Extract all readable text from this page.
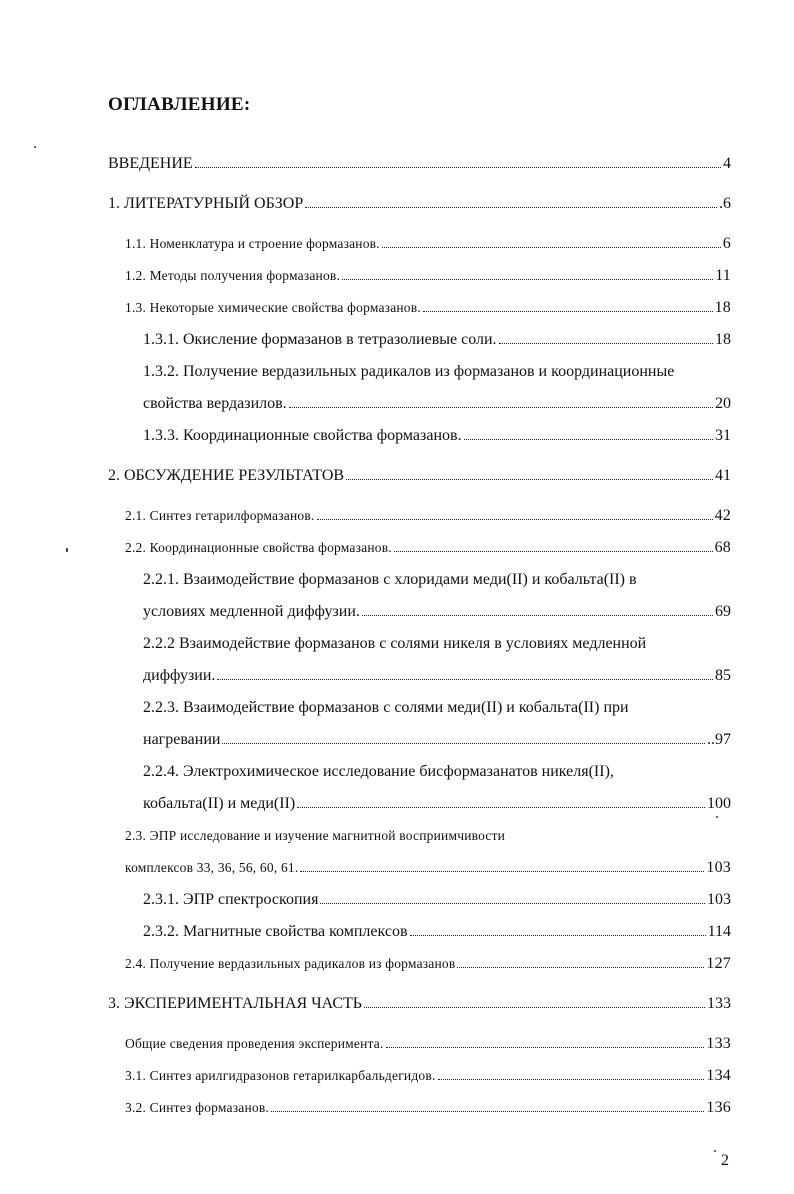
ОГЛАВЛЕНИЕ:
ВВЕДЕНИЕ	4
1. ЛИТЕРАТУРНЫЙ ОБЗОР	.6
1.1. Номенклатура и строение формазанов.	6
1.2. Методы получения формазанов.	11
1.3. Некоторые химические свойства формазанов.	18
1.3.1. Окисление формазанов в тетразолиевые соли.	18
1.3.2. Получение вердазильных радикалов из формазанов и координационные
свойства вердазилов.	20
1.3.3. Координационные свойства формазанов.	31
2. ОБСУЖДЕНИЕ РЕЗУЛЬТАТОВ	41
2.1. Синтез гетарилформазанов.	42
2.2. Координационные свойства формазанов.	68
2.2.1. Взаимодействие формазанов с хлоридами меди(II) и кобальта(II) в
условиях медленной диффузии.	69
2.2.2 Взаимодействие формазанов с солями никеля в условиях медленной
диффузии.	85
2.2.3. Взаимодействие формазанов с солями меди(II) и кобальта(II) при
нагревании	..97
2.2.4. Электрохимическое исследование бисформазанатов никеля(II),
кобальта(II) и меди(II)	100
2.3. ЭПР исследование и изучение магнитной восприимчивости
комплексов 33, 36, 56, 60, 61.	103
2.3.1. ЭПР спектроскопия	103
2.3.2. Магнитные свойства комплексов	114
2.4. Получение вердазильных радикалов из формазанов	127
3. ЭКСПЕРИМЕНТАЛЬНАЯ ЧАСТЬ	133
Общие сведения проведения эксперимента.	133
3.1. Синтез арилгидразонов гетарилкарбальдегидов.	134
3.2. Синтез формазанов.	136
2
